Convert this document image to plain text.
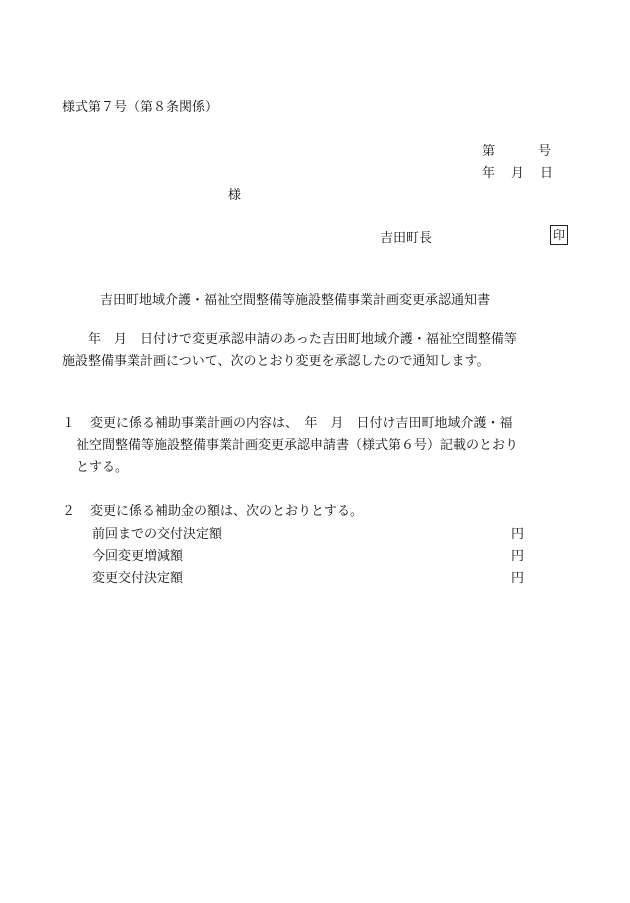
様式第７号（第８条関係）
第	号
年 月 日
様
吉田町長	印
吉田町地域介護・福祉空間整備等施設整備事業計画変更承認通知書
　　年　月　日付けで変更承認申請のあった吉田町地域介護・福祉空間整備等
施設整備事業計画について、次のとおり変更を承認したので通知します。
１ 変更に係る補助事業計画の内容は、　年　月　日付け吉田町地域介護・福
祉空間整備等施設整備事業計画変更承認申請書（様式第６号）記載のとおり
とする。
２ 変更に係る補助金の額は、次のとおりとする。
前回までの交付決定額	円
今回変更増減額	円
変更交付決定額	円
